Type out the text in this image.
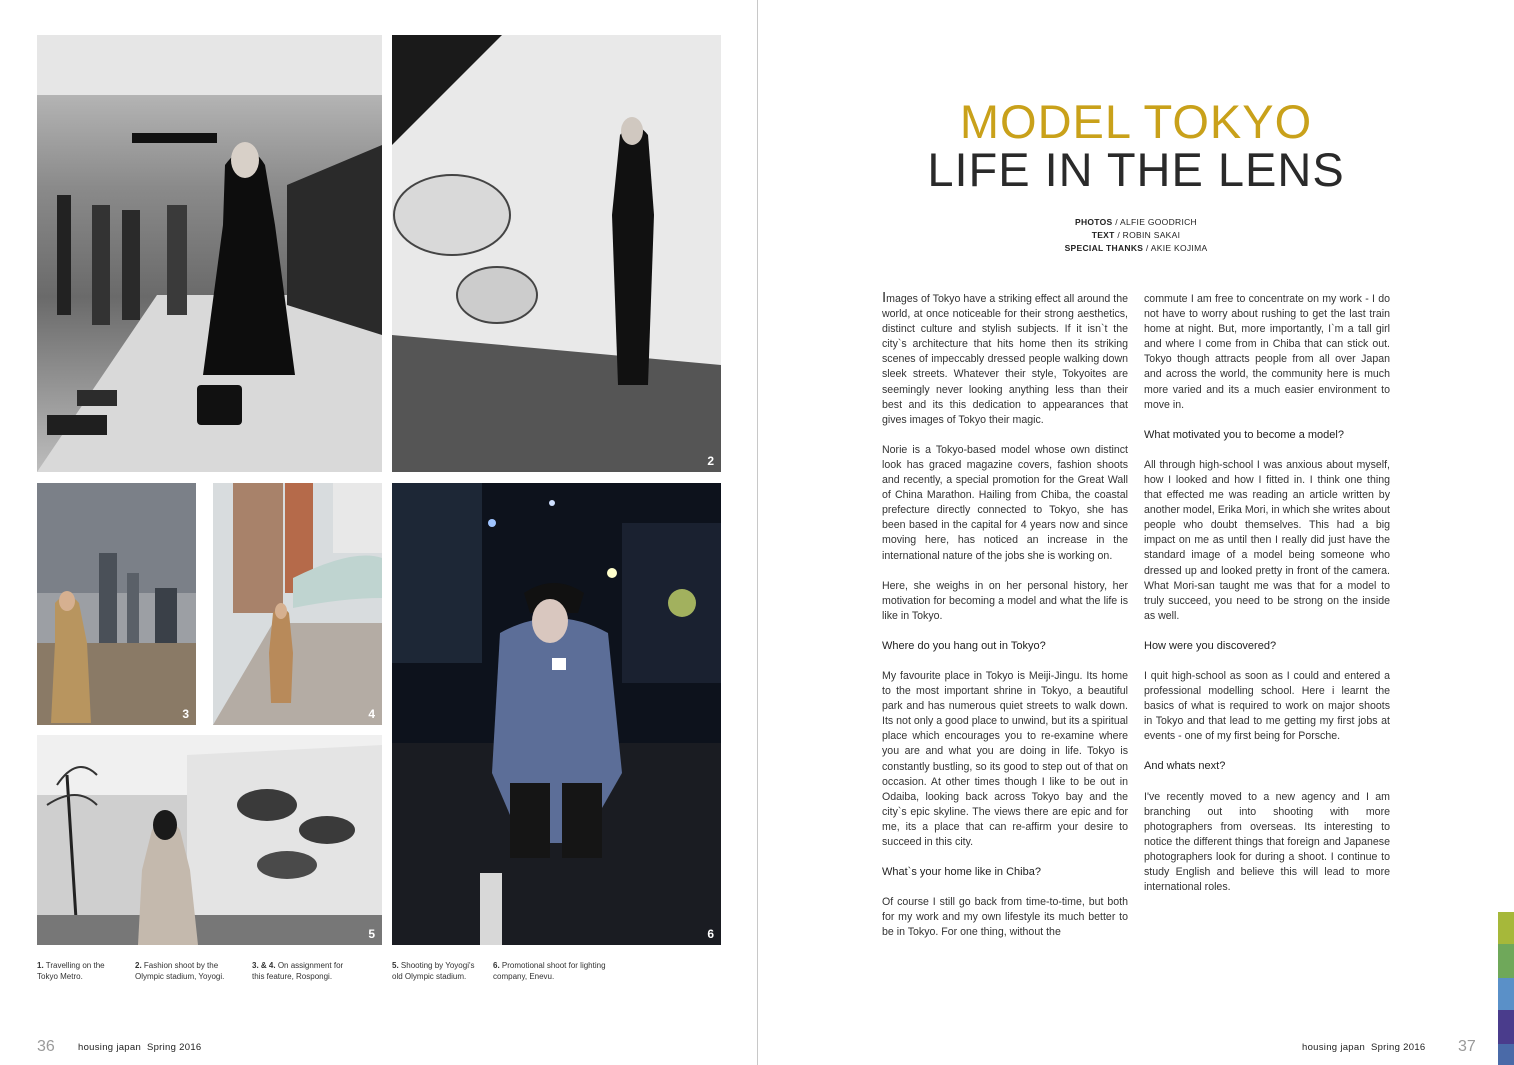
2
3	4
5	6
1. Travelling on the Tokyo Metro.
2. Fashion shoot by the Olympic stadium, Yoyogi.
3. & 4. On assignment for this feature, Rospongi.
5. Shooting by Yoyogi's old Olympic stadium.
6. Promotional shoot for lighting company, Enevu.
36 housing japan Spring 2016
MODEL TOKYO
LIFE IN THE LENS
PHOTOS / ALFIE GOODRICH
TEXT / ROBIN SAKAI
SPECIAL THANKS / AKIE KOJIMA

Images of Tokyo have a striking effect all around the world, at once noticeable for their strong aesthetics, distinct culture and stylish subjects. If it isn`t the city`s architecture that hits home then its striking scenes of impeccably dressed people walking down sleek streets. Whatever their style, Tokyoites are seemingly never looking anything less than their best and its this dedication to appearances that gives images of Tokyo their magic.

Norie is a Tokyo-based model whose own distinct look has graced magazine covers, fashion shoots and recently, a special promotion for the Great Wall of China Marathon. Hailing from Chiba, the coastal prefecture directly connected to Tokyo, she has been based in the capital for 4 years now and since moving here, has noticed an increase in the international nature of the jobs she is working on.

Here, she weighs in on her personal history, her motivation for becoming a model and what the life is like in Tokyo.

Where do you hang out in Tokyo?

My favourite place in Tokyo is Meiji-Jingu. Its home to the most important shrine in Tokyo, a beautiful park and has numerous quiet streets to walk down. Its not only a good place to unwind, but its a spiritual place which encourages you to re-examine where you are and what you are doing in life. Tokyo is constantly bustling, so its good to step out of that on occasion. At other times though I like to be out in Odaiba, looking back across Tokyo bay and the city`s epic skyline. The views there are epic and for me, its a place that can re-affirm your desire to succeed in this city.

What`s your home like in Chiba?

Of course I still go back from time-to-time, but both for my work and my own lifestyle its much better to be in Tokyo. For one thing, without the

commute I am free to concentrate on my work - I do not have to worry about rushing to get the last train home at night. But, more importantly, I`m a tall girl and where I come from in Chiba that can stick out. Tokyo though attracts people from all over Japan and across the world, the community here is much more varied and its a much easier environment to move in.

What motivated you to become a model?

All through high-school I was anxious about myself, how I looked and how I fitted in. I think one thing that effected me was reading an article written by another model, Erika Mori, in which she writes about people who doubt themselves. This had a big impact on me as until then I really did just have the standard image of a model being someone who dressed up and looked pretty in front of the camera. What Mori-san taught me was that for a model to truly succeed, you need to be strong on the inside as well.

How were you discovered?

I quit high-school as soon as I could and entered a professional modelling school. Here i learnt the basics of what is required to work on major shoots in Tokyo and that lead to me getting my first jobs at events - one of my first being for Porsche.

And whats next?

I've recently moved to a new agency and I am branching out into shooting with more photographers from overseas. Its interesting to notice the different things that foreign and Japanese photographers look for during a shoot. I continue to study English and believe this will lead to more international roles.

housing japan Spring 2016 37
